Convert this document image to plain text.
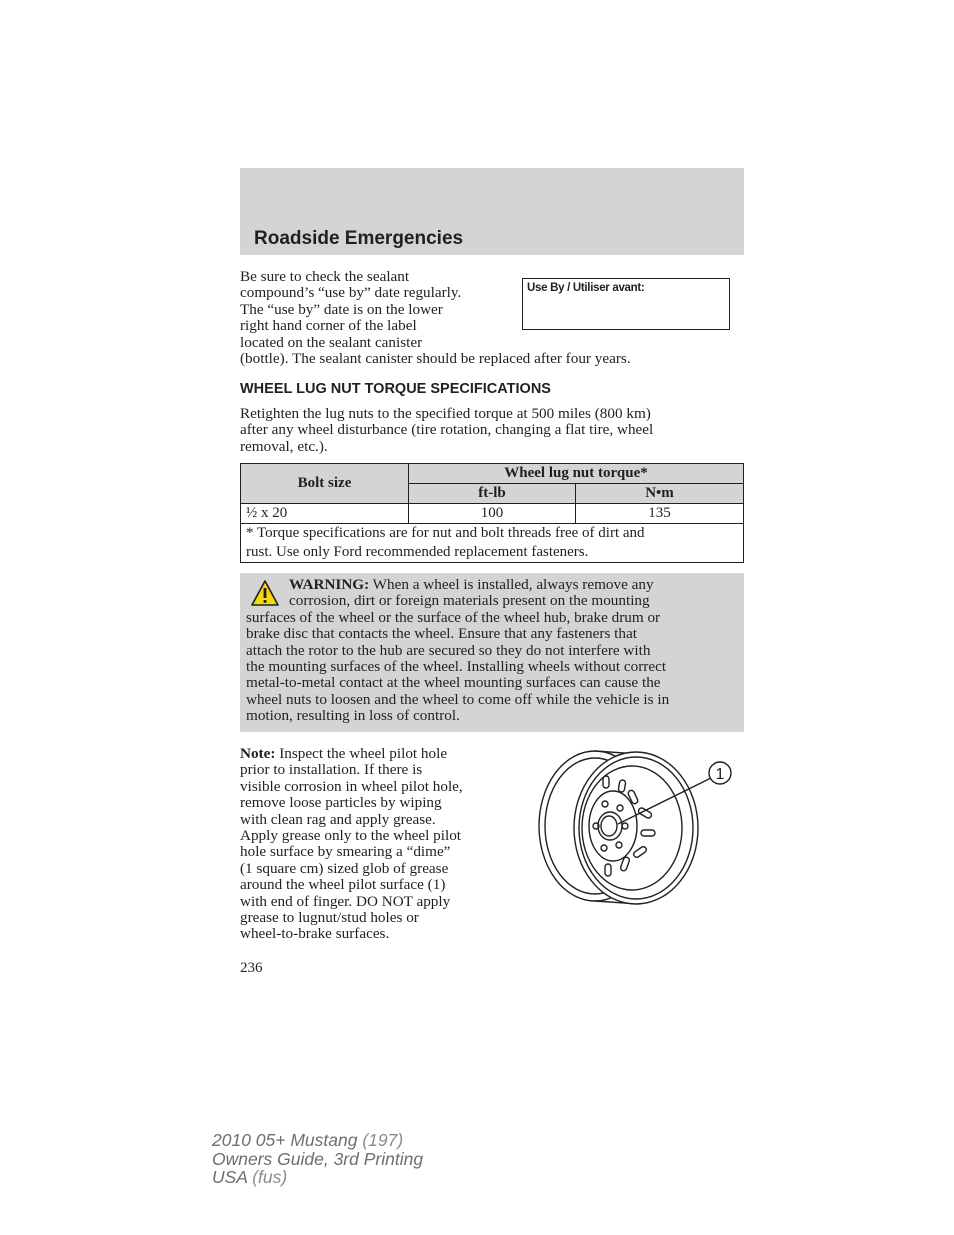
Roadside Emergencies
Be sure to check the sealant
compound’s “use by” date regularly.
The “use by” date is on the lower
right hand corner of the label
located on the sealant canister
(bottle). The sealant canister should be replaced after four years.
Use By / Utiliser avant:
WHEEL LUG NUT TORQUE SPECIFICATIONS
Retighten the lug nuts to the specified torque at 500 miles (800 km)
after any wheel disturbance (tire rotation, changing a flat tire, wheel
removal, etc.).
Bolt size	Wheel lug nut torque*	
	ft-lb	N•m
½ x 20	100	135

* Torque specifications are for nut and bolt threads free of dirt and
rust. Use only Ford recommended replacement fasteners.		
WARNING: When a wheel is installed, always remove any
corrosion, dirt or foreign materials present on the mounting
surfaces of the wheel or the surface of the wheel hub, brake drum or
brake disc that contacts the wheel. Ensure that any fasteners that
attach the rotor to the hub are secured so they do not interfere with
the mounting surfaces of the wheel. Installing wheels without correct
metal-to-metal contact at the wheel mounting surfaces can cause the
wheel nuts to loosen and the wheel to come off while the vehicle is in
motion, resulting in loss of control.
Note: Inspect the wheel pilot hole
prior to installation. If there is
visible corrosion in wheel pilot hole,
remove loose particles by wiping
with clean rag and apply grease.
Apply grease only to the wheel pilot
hole surface by smearing a “dime”
(1 square cm) sized glob of grease
around the wheel pilot surface (1)
with end of finger. DO NOT apply
grease to lugnut/stud holes or
wheel-to-brake surfaces.
1
236
2010 05+ Mustang (197)
Owners Guide, 3rd Printing
USA (fus)
